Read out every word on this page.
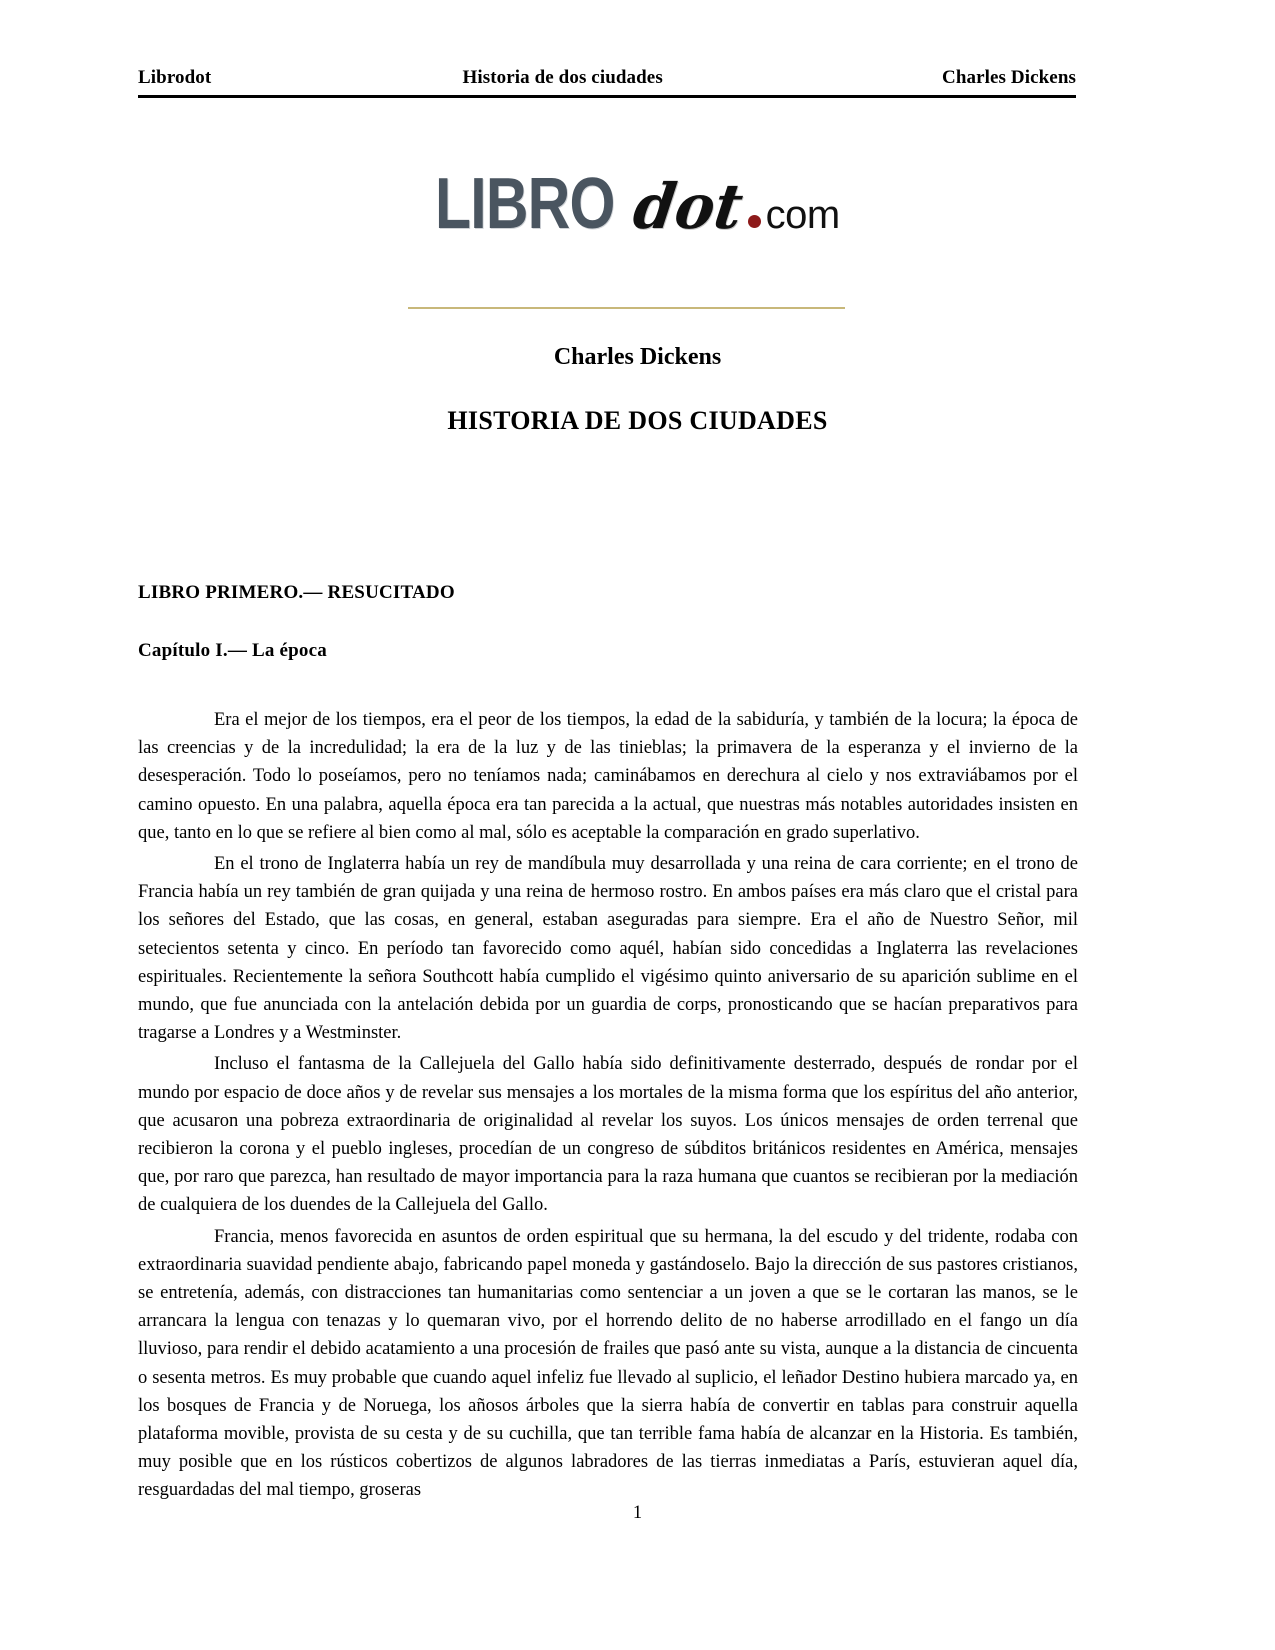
Librodot	Historia de dos ciudades	Charles Dickens
LIBRO dot com
Charles Dickens
HISTORIA DE DOS CIUDADES
LIBRO PRIMERO.— RESUCITADO
Capítulo I.— La época

Era el mejor de los tiempos, era el peor de los tiempos, la edad de la sabiduría, y también de la locura; la época de las creencias y de la incredulidad; la era de la luz y de las tinieblas; la primavera de la esperanza y el invierno de la desesperación. Todo lo poseíamos, pero no teníamos nada; caminábamos en derechura al cielo y nos extraviábamos por el camino opuesto. En una palabra, aquella época era tan parecida a la actual, que nuestras más notables autoridades insisten en que, tanto en lo que se refiere al bien como al mal, sólo es aceptable la comparación en grado superlativo.

En el trono de Inglaterra había un rey de mandíbula muy desarrollada y una reina de cara corriente; en el trono de Francia había un rey también de gran quijada y una reina de hermoso rostro. En ambos países era más claro que el cristal para los señores del Estado, que las cosas, en general, estaban aseguradas para siempre. Era el año de Nuestro Señor, mil setecientos setenta y cinco. En período tan favorecido como aquél, habían sido concedidas a Inglaterra las revelaciones espirituales. Recientemente la señora Southcott había cumplido el vigésimo quinto aniversario de su aparición sublime en el mundo, que fue anunciada con la antelación debida por un guardia de corps, pronosticando que se hacían preparativos para tragarse a Londres y a Westminster.

Incluso el fantasma de la Callejuela del Gallo había sido definitivamente desterrado, después de rondar por el mundo por espacio de doce años y de revelar sus mensajes a los mortales de la misma forma que los espíritus del año anterior, que acusaron una pobreza extraordinaria de originalidad al revelar los suyos. Los únicos mensajes de orden terrenal que recibieron la corona y el pueblo ingleses, procedían de un congreso de súbditos británicos residentes en América, mensajes que, por raro que parezca, han resultado de mayor importancia para la raza humana que cuantos se recibieran por la mediación de cualquiera de los duendes de la Callejuela del Gallo.

Francia, menos favorecida en asuntos de orden espiritual que su hermana, la del escudo y del tridente, rodaba con extraordinaria suavidad pendiente abajo, fabricando papel moneda y gastándoselo. Bajo la dirección de sus pastores cristianos, se entretenía, además, con distracciones tan humanitarias como sentenciar a un joven a que se le cortaran las manos, se le arrancara la lengua con tenazas y lo quemaran vivo, por el horrendo delito de no haberse arrodillado en el fango un día lluvioso, para rendir el debido acatamiento a una procesión de frailes que pasó ante su vista, aunque a la distancia de cincuenta o sesenta metros. Es muy probable que cuando aquel infeliz fue llevado al suplicio, el leñador Destino hubiera marcado ya, en los bosques de Francia y de Noruega, los añosos árboles que la sierra había de convertir en tablas para construir aquella plataforma movible, provista de su cesta y de su cuchilla, que tan terrible fama había de alcanzar en la Historia. Es también, muy posible que en los rústicos cobertizos de algunos labradores de las tierras inmediatas a París, estuvieran aquel día, resguardadas del mal tiempo, groseras

1
